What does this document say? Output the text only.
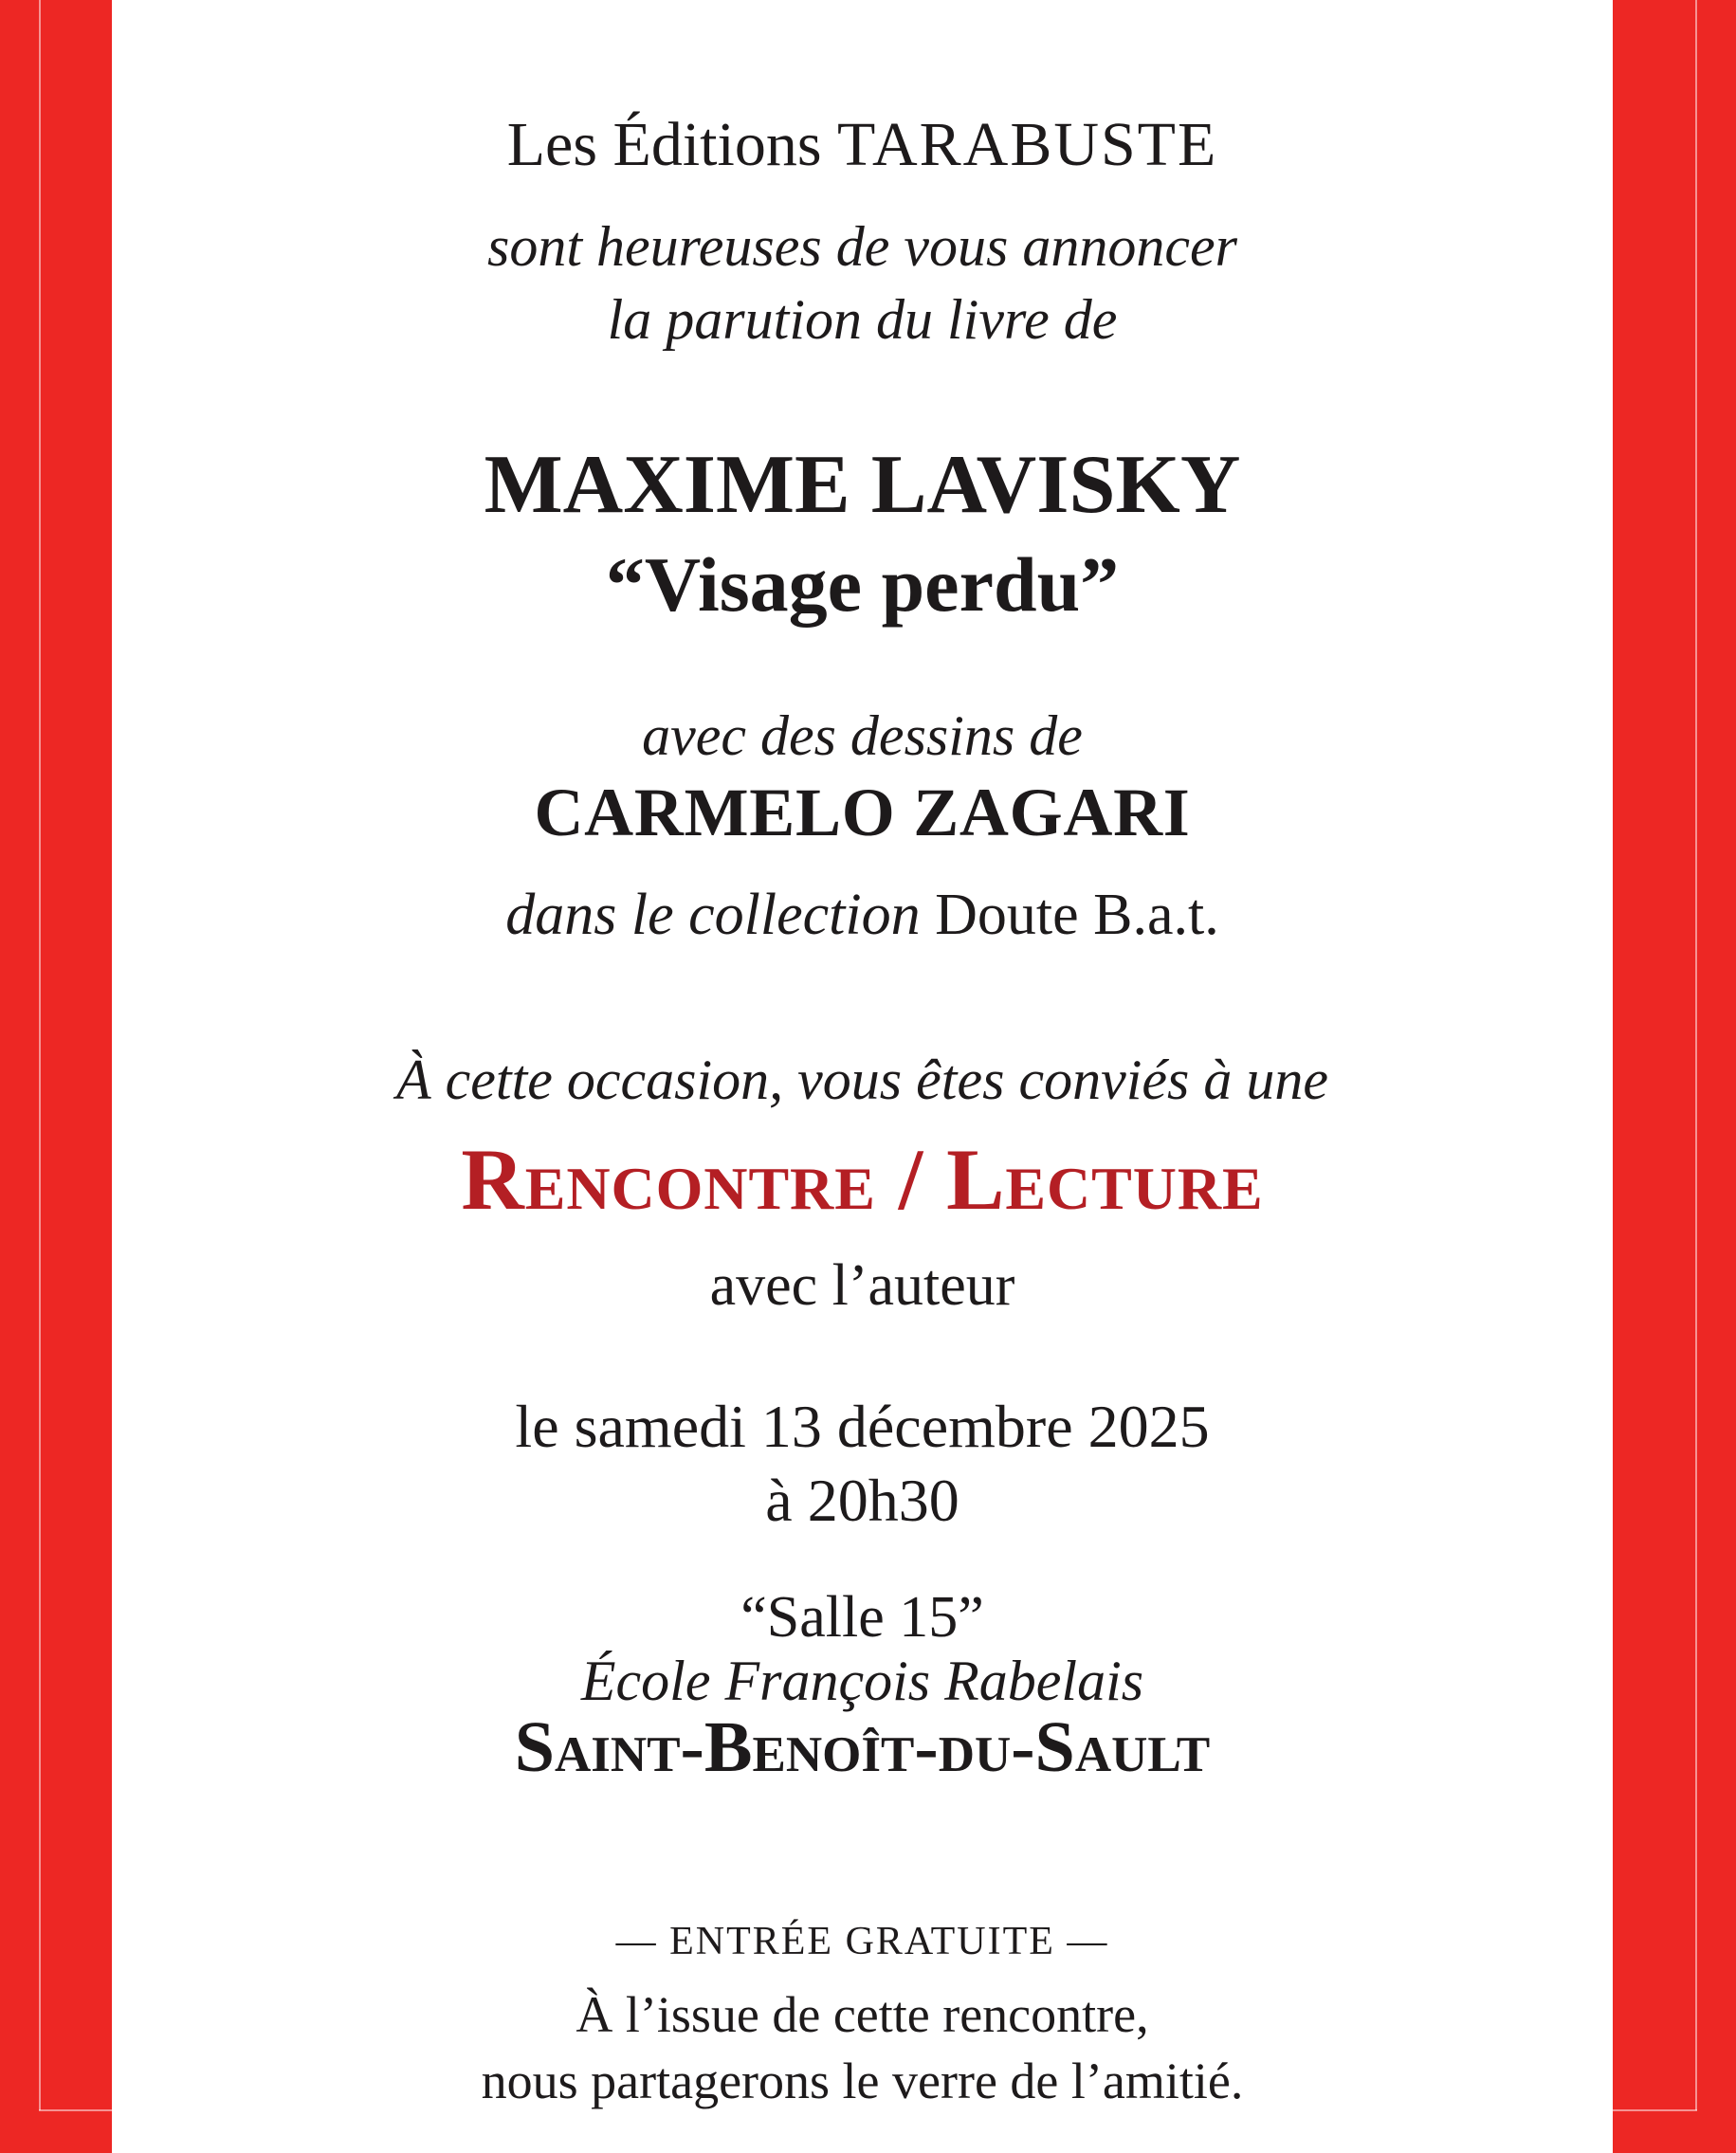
Les Éditions TARABUSTE
sont heureuses de vous annoncer
la parution du livre de
MAXIME LAVISKY
“Visage perdu”
avec des dessins de
CARMELO ZAGARI
dans le collection Doute B.a.t.
À cette occasion, vous êtes conviés à une
Rencontre / Lecture
avec l’auteur
le samedi 13 décembre 2025
à 20h30
“Salle 15”
École François Rabelais
Saint-Benoît-du-Sault
— ENTRÉE GRATUITE —
À l’issue de cette rencontre,
nous partagerons le verre de l’amitié.
